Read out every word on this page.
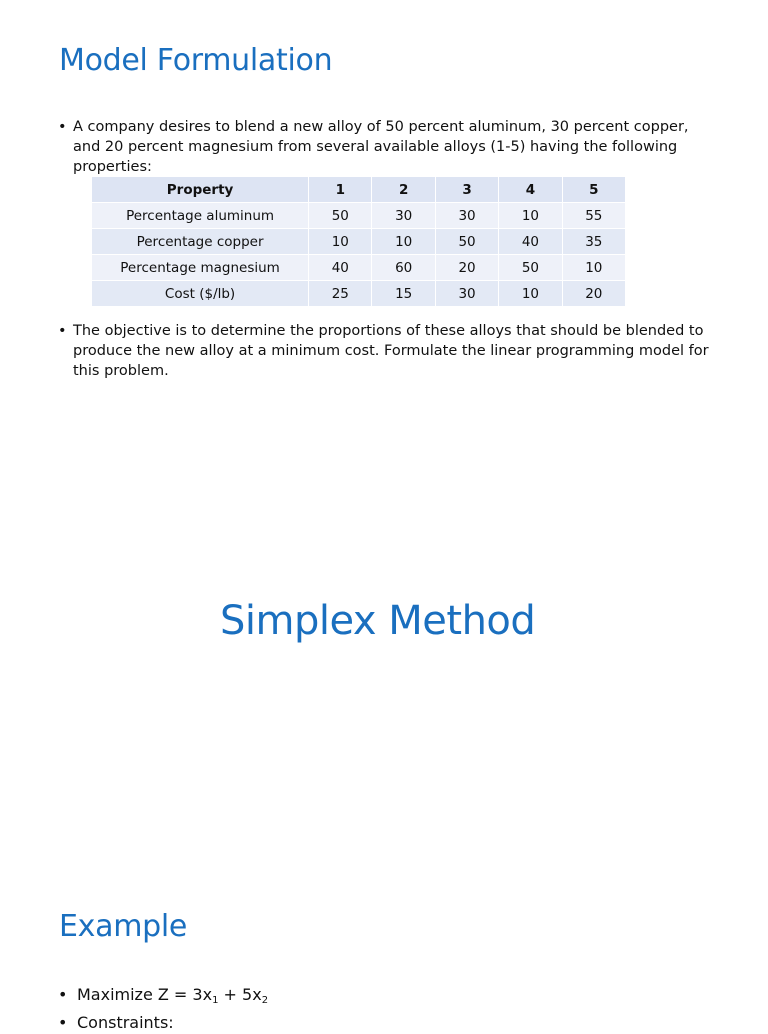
Model Formulation
• A company desires to blend a new alloy of 50 percent aluminum, 30 percent copper, and 20 percent magnesium from several available alloys (1-5) having the following properties:
Property	1	2	3	4	5
Percentage aluminum	50	30	30	10	55
Percentage copper	10	10	50	40	35
Percentage magnesium	40	60	20	50	10
Cost ($/lb)	25	15	30	10	20
• The objective is to determine the proportions of these alloys that should be blended to produce the new alloy at a minimum cost. Formulate the linear programming model for this problem.
Simplex Method
Example
• Maximize $Z = 3x_1 + 5x_2$
• Constraints:
